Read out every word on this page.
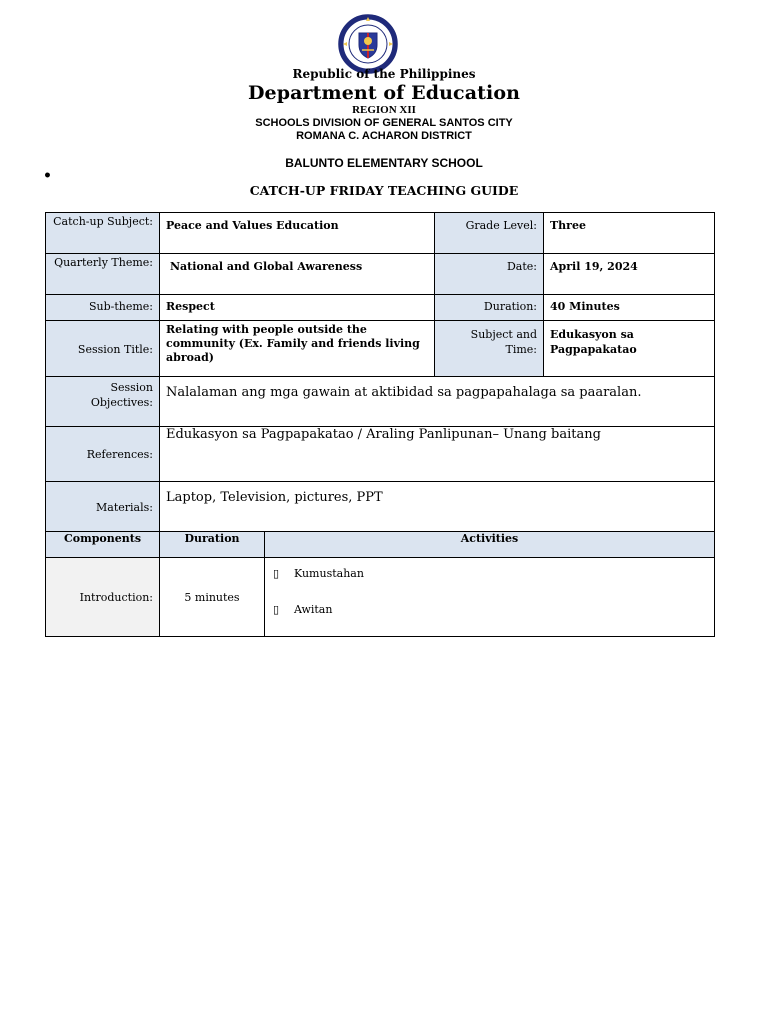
Republic of the Philippines
Department of Education
REGION XII
SCHOOLS DIVISION OF GENERAL SANTOS CITY
ROMANA C. ACHARON DISTRICT
•
BALUNTO ELEMENTARY SCHOOL
CATCH-UP FRIDAY TEACHING GUIDE
Catch-up Subject:	Peace and Values Education		Grade Level:	Three
Quarterly Theme:	National and Global Awareness		Date:	April 19, 2024
Sub-theme:	Respect		Duration:	40 Minutes
Session Title:	Relating with people outside the community (Ex. Family and friends living abroad)		Subject and Time:	Edukasyon sa Pagpapakatao
Session Objectives:	Nalalaman ang mga gawain at aktibidad sa pagpapahalaga sa paaralan.			
References:	Edukasyon sa Pagpapakatao / Araling Panlipunan– Unang baitang			
Materials:	Laptop, Television, pictures, PPT			
Components	Duration	Activities		
Introduction:	5 minutes	▯ Kumustahan
▯ Awitan		
